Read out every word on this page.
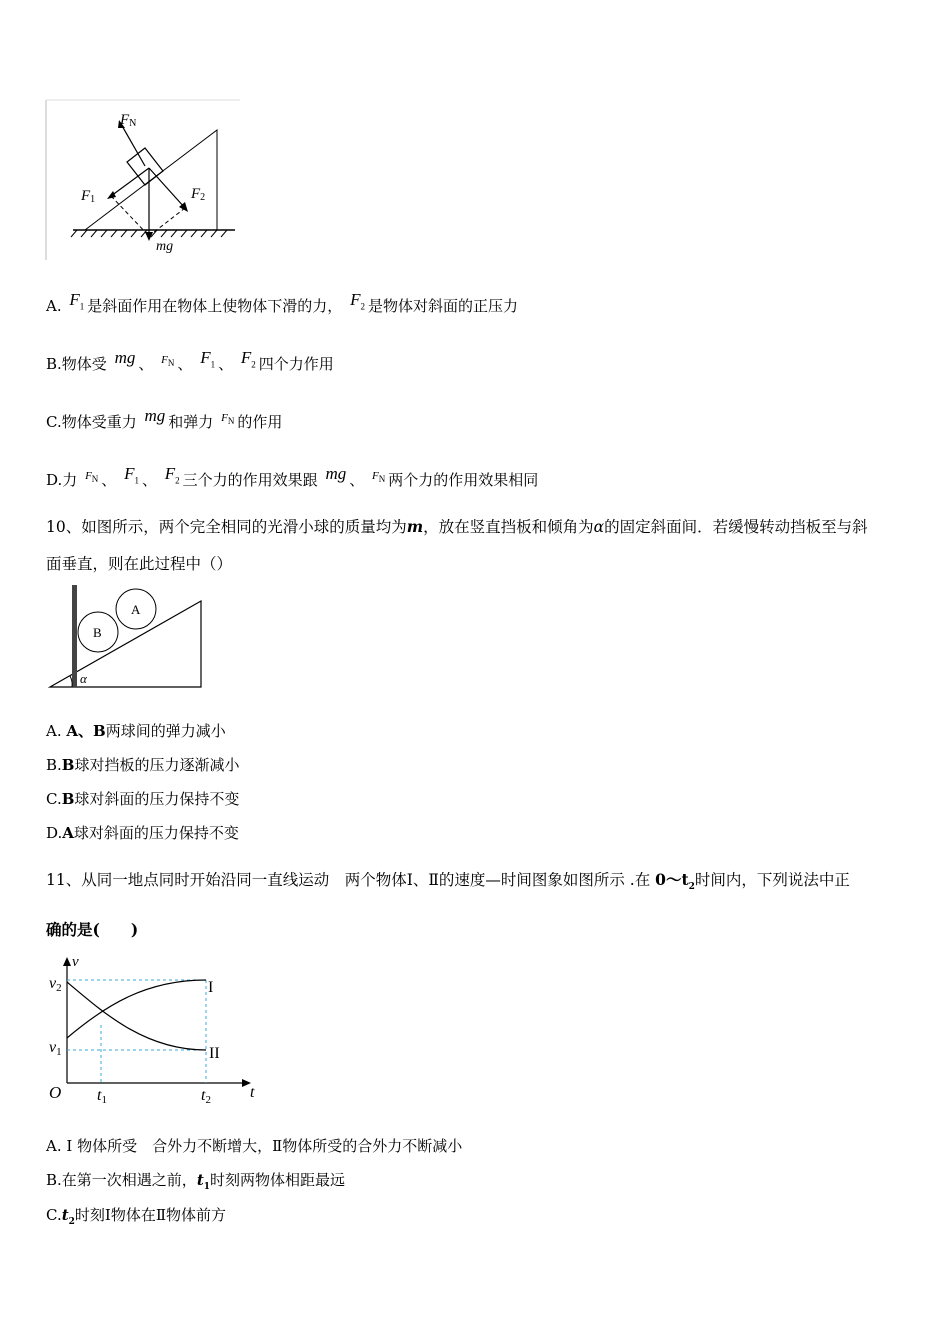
FN
F1	F2
mg
A. $F_1$ 是斜面作用在物体上使物体下滑的力， $F_2$ 是物体对斜面的正压力
B.物体受 mg 、 $^{F_N}$ 、 $F_1$ 、 $F_2$ 四个力作用
C.物体受重力 mg 和弹力 $^{F_N}$ 的作用
D.力 $^{F_N}$ 、 $F_1$ 、 $F_2$ 三个力的作用效果跟 mg 、 $^{F_N}$ 两个力的作用效果相同
10、如图所示，两个完全相同的光滑小球的质量均为m，放在竖直挡板和倾角为α的固定斜面间．若缓慢转动挡板至与斜
面垂直，则在此过程中（）
A
B
α
A. A、B两球间的弹力减小
B.B球对挡板的压力逐渐减小
C.B球对斜面的压力保持不变
D.A球对斜面的压力保持不变
11、从同一地点同时开始沿同一直线运动　两个物体Ⅰ、Ⅱ的速度—时间图象如图所示 .在 $0\sim t_2$时间内，下列说法中正
确的是(　　)
v
v2
v1
O	t
t1	t2
I
II
A. Ⅰ 物体所受　合外力不断增大，Ⅱ物体所受的合外力不断减小
B.在第一次相遇之前，$t_1$时刻两物体相距最远
$C.t_2$时刻Ⅰ物体在Ⅱ物体前方
